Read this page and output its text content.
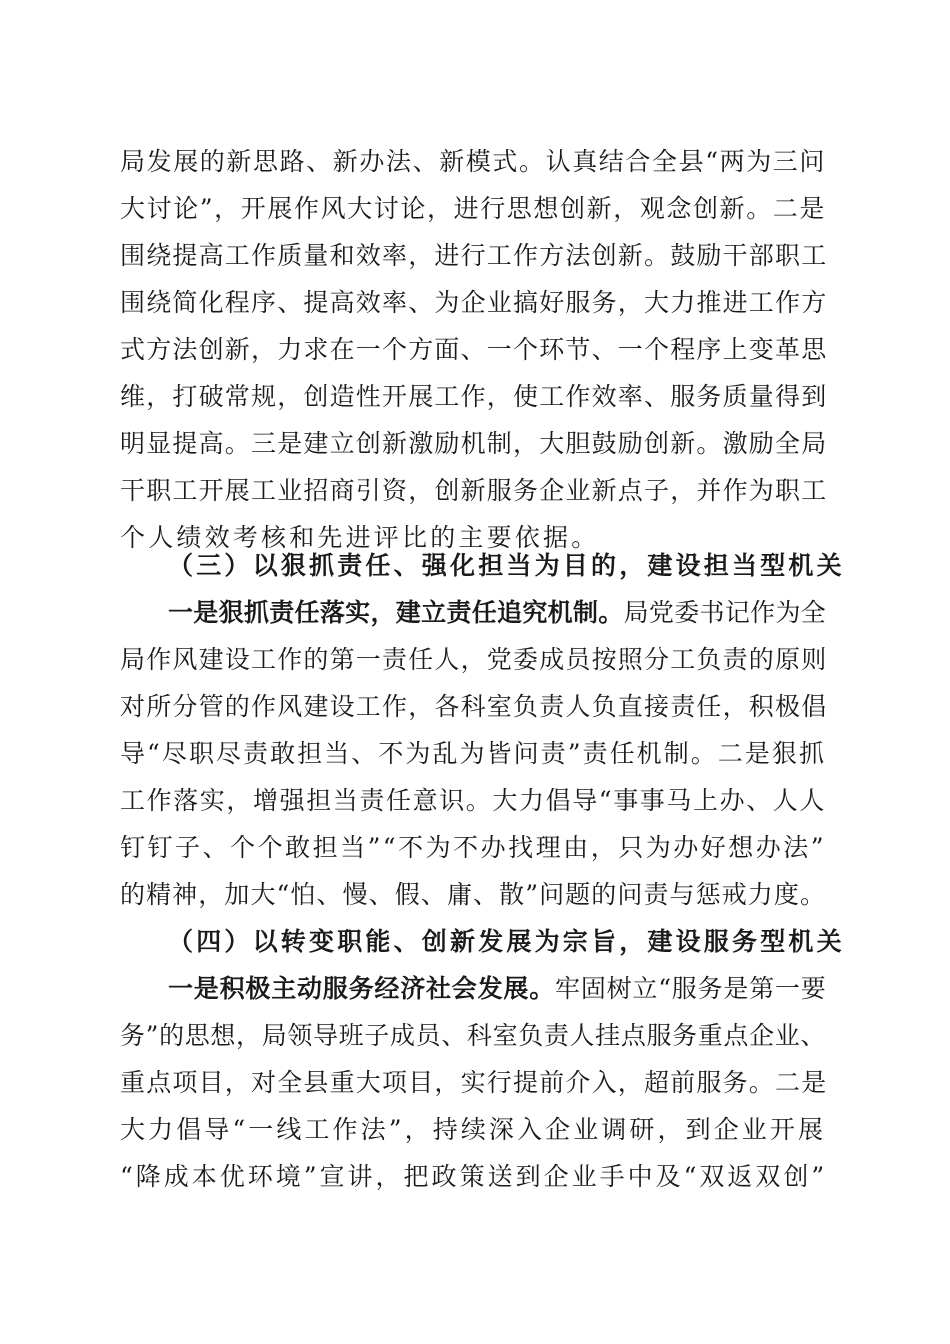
局发展的新思路、新办法、新模式。认真结合全县“两为三问
大讨论”，开展作风大讨论，进行思想创新，观念创新。二是
围绕提高工作质量和效率，进行工作方法创新。鼓励干部职工
围绕简化程序、提高效率、为企业搞好服务，大力推进工作方
式方法创新，力求在一个方面、一个环节、一个程序上变革思
维，打破常规，创造性开展工作，使工作效率、服务质量得到
明显提高。三是建立创新激励机制，大胆鼓励创新。激励全局
干职工开展工业招商引资，创新服务企业新点子，并作为职工
个人绩效考核和先进评比的主要依据。
（三）以狠抓责任、强化担当为目的，建设担当型机关
一是狠抓责任落实，建立责任追究机制。局党委书记作为全
局作风建设工作的第一责任人，党委成员按照分工负责的原则
对所分管的作风建设工作，各科室负责人负直接责任，积极倡
导“尽职尽责敢担当、不为乱为皆问责”责任机制。二是狠抓
工作落实，增强担当责任意识。大力倡导“事事马上办、人人
钉钉子、个个敢担当”“不为不办找理由，只为办好想办法”
的精神，加大“怕、慢、假、庸、散”问题的问责与惩戒力度。
（四）以转变职能、创新发展为宗旨，建设服务型机关
一是积极主动服务经济社会发展。牢固树立“服务是第一要
务”的思想，局领导班子成员、科室负责人挂点服务重点企业、
重点项目，对全县重大项目，实行提前介入，超前服务。二是
大力倡导“一线工作法”，持续深入企业调研，到企业开展
“降成本优环境”宣讲，把政策送到企业手中及“双返双创”
